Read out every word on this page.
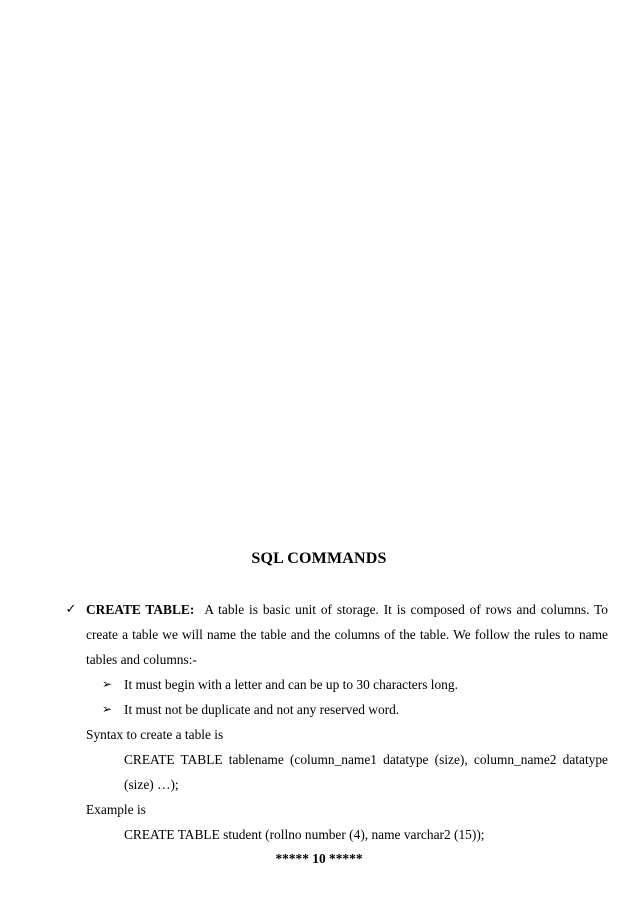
SQL COMMANDS
✓ CREATE TABLE: A table is basic unit of storage. It is composed of rows and columns. To create a table we will name the table and the columns of the table. We follow the rules to name tables and columns:-
➢ It must begin with a letter and can be up to 30 characters long.
➢ It must not be duplicate and not any reserved word.

Syntax to create a table is

CREATE TABLE tablename (column_name1 datatype (size), column_name2 datatype (size) …);

Example is

CREATE TABLE student (rollno number (4), name varchar2 (15));

***** 10 *****
